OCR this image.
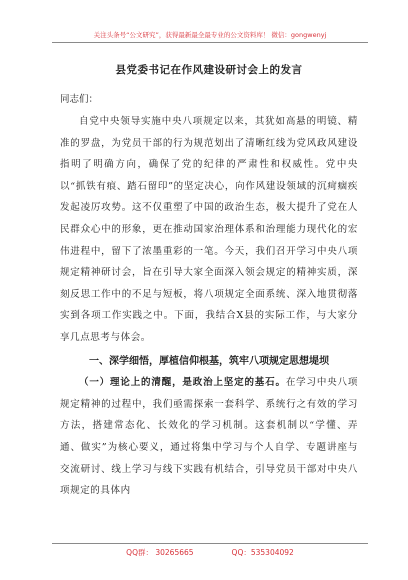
关注头条号“公文研究”，获得最新最全最专业的公文资料库！ 微信：gongwenyj
县党委书记在作风建设研讨会上的发言
同志们：

自党中央领导实施中央八项规定以来，其犹如高悬的明镜、精准的罗盘，为党员干部的行为规范划出了清晰红线为党风政风建设指明了明确方向，确保了党的纪律的严肃性和权威性。党中央以“抓铁有痕、踏石留印”的坚定决心，向作风建设领域的沉疴痼疾发起凌厉攻势。这不仅重塑了中国的政治生态，极大提升了党在人民群众心中的形象，更在推动国家治理体系和治理能力现代化的宏伟进程中，留下了浓墨重彩的一笔。今天，我们召开学习中央八项规定精神研讨会，旨在引导大家全面深入领会规定的精神实质，深刻反思工作中的不足与短板，将八项规定全面系统、深入地贯彻落实到各项工作实践之中。下面，我结合X县的实际工作，与大家分享几点思考与体会。

一、深学细悟，厚植信仰根基，筑牢八项规定思想堤坝

（一）理论上的清醒，是政治上坚定的基石。在学习中央八项规定精神的过程中，我们亟需探索一套科学、系统行之有效的学习方法，搭建常态化、长效化的学习机制。这套机制以“学懂、弄通、做实”为核心要义，通过将集中学习与个人自学、专题讲座与交流研讨、线上学习与线下实践有机结合，引导党员干部对中央八项规定的具体内

QQ群： 30265665	QQ：535304092
